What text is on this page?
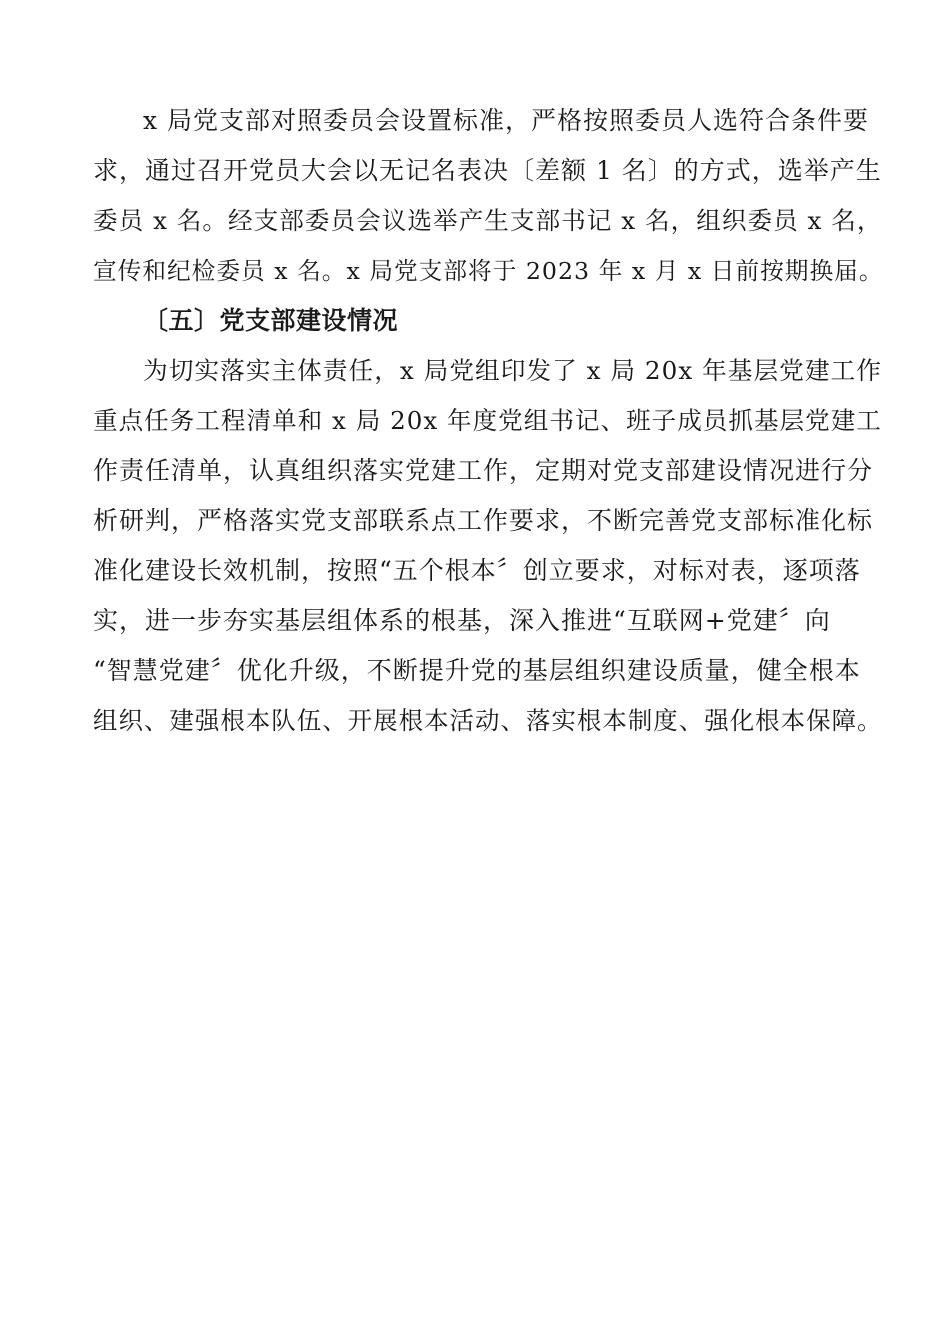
x 局党支部对照委员会设置标准，严格按照委员人选符合条件要
求，通过召开党员大会以无记名表决〔差额 1 名〕的方式，选举产生
委员 x 名。经支部委员会议选举产生支部书记 x 名，组织委员 x 名，
宣传和纪检委员 x 名。x 局党支部将于 2023 年 x 月 x 日前按期换届。
〔五〕党支部建设情况
为切实落实主体责任，x 局党组印发了 x 局 20x 年基层党建工作
重点任务工程清单和 x 局 20x 年度党组书记、班子成员抓基层党建工
作责任清单，认真组织落实党建工作，定期对党支部建设情况进行分
析研判，严格落实党支部联系点工作要求，不断完善党支部标准化标
准化建设长效机制，按照“五个根本〞创立要求，对标对表，逐项落
实，进一步夯实基层组体系的根基，深入推进“互联网+党建〞向
“智慧党建〞优化升级，不断提升党的基层组织建设质量，健全根本
组织、建强根本队伍、开展根本活动、落实根本制度、强化根本保障。
